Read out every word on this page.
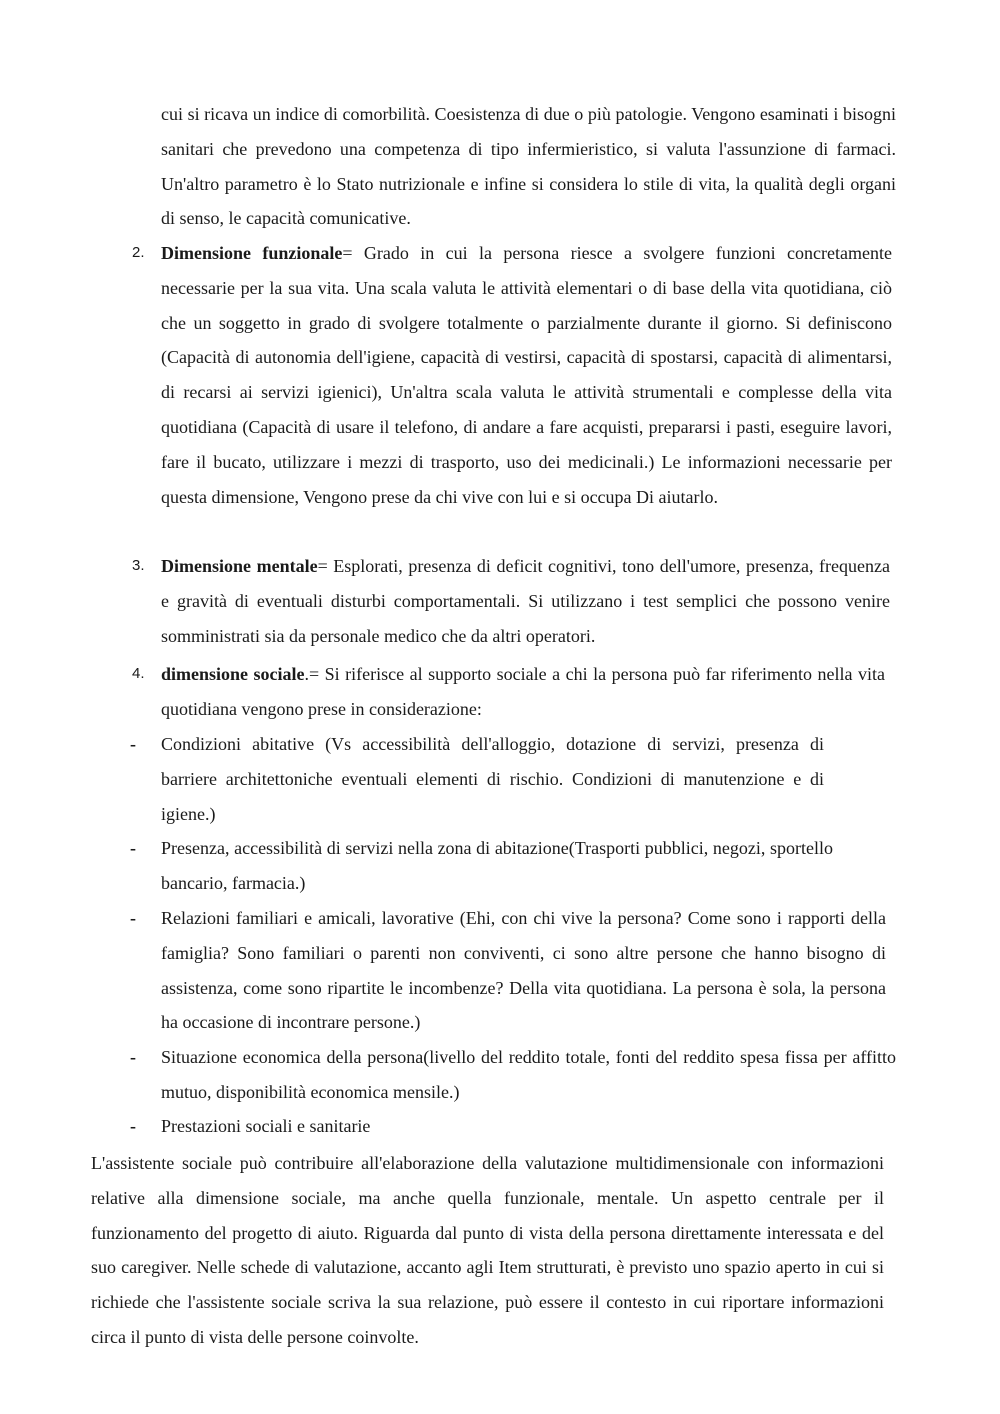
cui si ricava un indice di comorbilità. Coesistenza di due o più patologie. Vengono esaminati i bisogni sanitari che prevedono una competenza di tipo infermieristico, si valuta l'assunzione di farmaci. Un'altro parametro è lo Stato nutrizionale e infine si considera lo stile di vita, la qualità degli organi di senso, le capacità comunicative.

2. Dimensione funzionale= Grado in cui la persona riesce a svolgere funzioni concretamente necessarie per la sua vita. Una scala valuta le attività elementari o di base della vita quotidiana, ciò che un soggetto in grado di svolgere totalmente o parzialmente durante il giorno. Si definiscono (Capacità di autonomia dell'igiene, capacità di vestirsi, capacità di spostarsi, capacità di alimentarsi, di recarsi ai servizi igienici), Un'altra scala valuta le attività strumentali e complesse della vita quotidiana (Capacità di usare il telefono, di andare a fare acquisti, prepararsi i pasti, eseguire lavori, fare il bucato, utilizzare i mezzi di trasporto, uso dei medicinali.) Le informazioni necessarie per questa dimensione, Vengono prese da chi vive con lui e si occupa Di aiutarlo.

3. Dimensione mentale= Esplorati, presenza di deficit cognitivi, tono dell'umore, presenza, frequenza e gravità di eventuali disturbi comportamentali. Si utilizzano i test semplici che possono venire somministrati sia da personale medico che da altri operatori.

4. dimensione sociale.= Si riferisce al supporto sociale a chi la persona può far riferimento nella vita quotidiana vengono prese in considerazione:

-	Condizioni abitative (Vs accessibilità dell'alloggio, dotazione di servizi, presenza di barriere architettoniche eventuali elementi di rischio. Condizioni di manutenzione e di igiene.)

-	Presenza, accessibilità di servizi nella zona di abitazione(Trasporti pubblici, negozi, sportello bancario, farmacia.)

-	Relazioni familiari e amicali, lavorative (Ehi, con chi vive la persona? Come sono i rapporti della famiglia? Sono familiari o parenti non conviventi, ci sono altre persone che hanno bisogno di assistenza, come sono ripartite le incombenze? Della vita quotidiana. La persona è sola, la persona ha occasione di incontrare persone.)

-	Situazione economica della persona(livello del reddito totale, fonti del reddito spesa fissa per affitto mutuo, disponibilità economica mensile.)

-	Prestazioni sociali e sanitarie

L'assistente sociale può contribuire all'elaborazione della valutazione multidimensionale con informazioni relative alla dimensione sociale, ma anche quella funzionale, mentale. Un aspetto centrale per il funzionamento del progetto di aiuto. Riguarda dal punto di vista della persona direttamente interessata e del suo caregiver. Nelle schede di valutazione, accanto agli Item strutturati, è previsto uno spazio aperto in cui si richiede che l'assistente sociale scriva la sua relazione, può essere il contesto in cui riportare informazioni circa il punto di vista delle persone coinvolte.
